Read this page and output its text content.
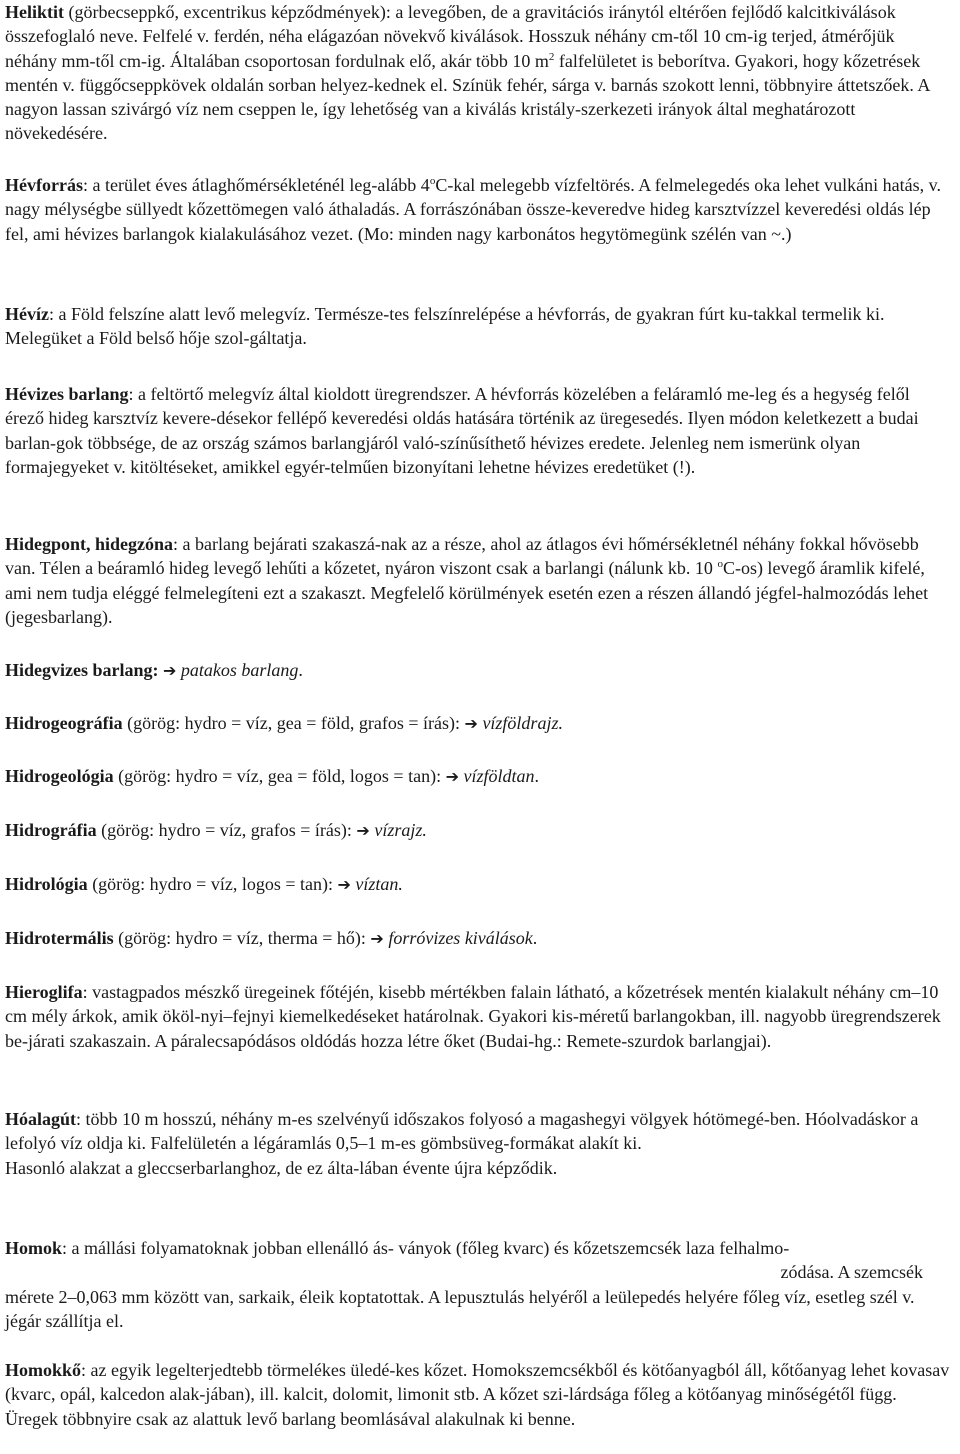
Heliktit (görbecseppkő, excentrikus képződmények): a levegőben, de a gravitációs iránytól eltérően fejlődő kalcitkiválások összefoglaló neve. Felfelé v. ferdén, néha elágazóan növekvő kiválások. Hosszuk néhány cm-től 10 cm-ig terjed, átmérőjük néhány mm-től cm-ig. Általában csoportosan fordulnak elő, akár több 10 $m^2$ falfelületet is beborítva. Gyakori, hogy kőzetrések mentén v. függőcseppkövek oldalán sorban helyez-kednek el. Színük fehér, sárga v. barnás szokott lenni, többnyire áttetszőek. A nagyon lassan szivárgó víz nem cseppen le, így lehetőség van a kiválás kristály-szerkezeti irányok által meghatározott növekedésére.

Hévforrás: a terület éves átlaghőmérsékleténél leg-alább 4$^o$C-kal melegebb vízfeltörés. A felmelegedés oka lehet vulkáni hatás, v. nagy mélységbe süllyedt kőzettömegen való áthaladás. A forrászónában össze-keveredve hideg karsztvízzel keveredési oldás lép fel, ami hévizes barlangok kialakulásához vezet. (Mo: minden nagy karbonátos hegytömegünk szélén van ~.)

Hévíz: a Föld felszíne alatt levő melegvíz. Természe-tes felszínrelépése a hévforrás, de gyakran fúrt ku-takkal termelik ki. Melegüket a Föld belső hője szol-gáltatja.

Hévizes barlang: a feltörtő melegvíz által kioldott üregrendszer. A hévforrás közelében a feláramló me-leg és a hegység felől érező hideg karsztvíz kevere-désekor fellépő keveredési oldás hatására történik az üregesedés. Ilyen módon keletkezett a budai barlan-gok többsége, de az ország számos barlangjáról való-színűsíthető hévizes eredete. Jelenleg nem ismerünk olyan formajegyeket v. kitöltéseket, amikkel egyér-telműen bizonyítani lehetne hévizes eredetüket (!).

Hidegpont, hidegzóna: a barlang bejárati szakaszá-nak az a része, ahol az átlagos évi hőmérsékletnél néhány fokkal hővösebb van. Télen a beáramló hideg levegő lehűti a kőzetet, nyáron viszont csak a barlangi (nálunk kb. 10 $^o$C-os) levegő áramlik kifelé, ami nem tudja eléggé felmelegíteni ezt a szakaszt. Megfelelő körülmények esetén ezen a részen állandó jégfel-halmozódás lehet (jegesbarlang).

Hidegvizes barlang: ➔ patakos barlang.

Hidrogeográfia (görög: hydro = víz, gea = föld, grafos = írás): ➔ vízföldrajz.

Hidrogeológia (görög: hydro = víz, gea = föld, logos = tan): ➔ vízföldtan.

Hidrográfia (görög: hydro = víz, grafos = írás): ➔ vízrajz.

Hidrológia (görög: hydro = víz, logos = tan): ➔ víztan.

Hidrotermális (görög: hydro = víz, therma = hő): ➔ forróvizes kiválások.

Hieroglifa: vastagpados mészkő üregeinek főtéjén, kisebb mértékben falain látható, a kőzetrések mentén kialakult néhány cm–10 cm mély árkok, amik ököl-nyi–fejnyi kiemelkedéseket határolnak. Gyakori kis-méretű barlangokban, ill. nagyobb üregrendszerek be-járati szakaszain. A páralecsapódásos oldódás hozza létre őket (Budai-hg.: Remete-szurdok barlangjai).

Hóalagút: több 10 m hosszú, néhány m-es szelvényű időszakos folyosó a magashegyi völgyek hótömegé-ben. Hóolvadáskor a lefolyó víz oldja ki. Falfelületén a légáramlás 0,5–1 m-es gömbsüveg-formákat alakít ki.
Hasonló alakzat a gleccserbarlanghoz, de ez álta-lában évente újra képződik.

Homok: a mállási folyamatoknak jobban ellenálló ás- ványok (főleg kvarc) és kőzetszemcsék laza felhalmo-
zódása. A szemcsék
mérete 2–0,063 mm között van, sarkaik, éleik koptatottak. A lepusztulás helyéről a leülepedés helyére főleg víz, esetleg szél v. jégár szállítja el.

Homokkő: az egyik legelterjedtebb törmelékes üledé-kes kőzet. Homokszemcsékből és kötőanyagból áll, kőtőanyag lehet kovasav (kvarc, opál, kalcedon alak-jában), ill. kalcit, dolomit, limonit stb. A kőzet szi-lárdsága főleg a kötőanyag minőségétől függ. Üregek többnyire csak az alattuk levő barlang beomlásával alakulnak ki benne.
